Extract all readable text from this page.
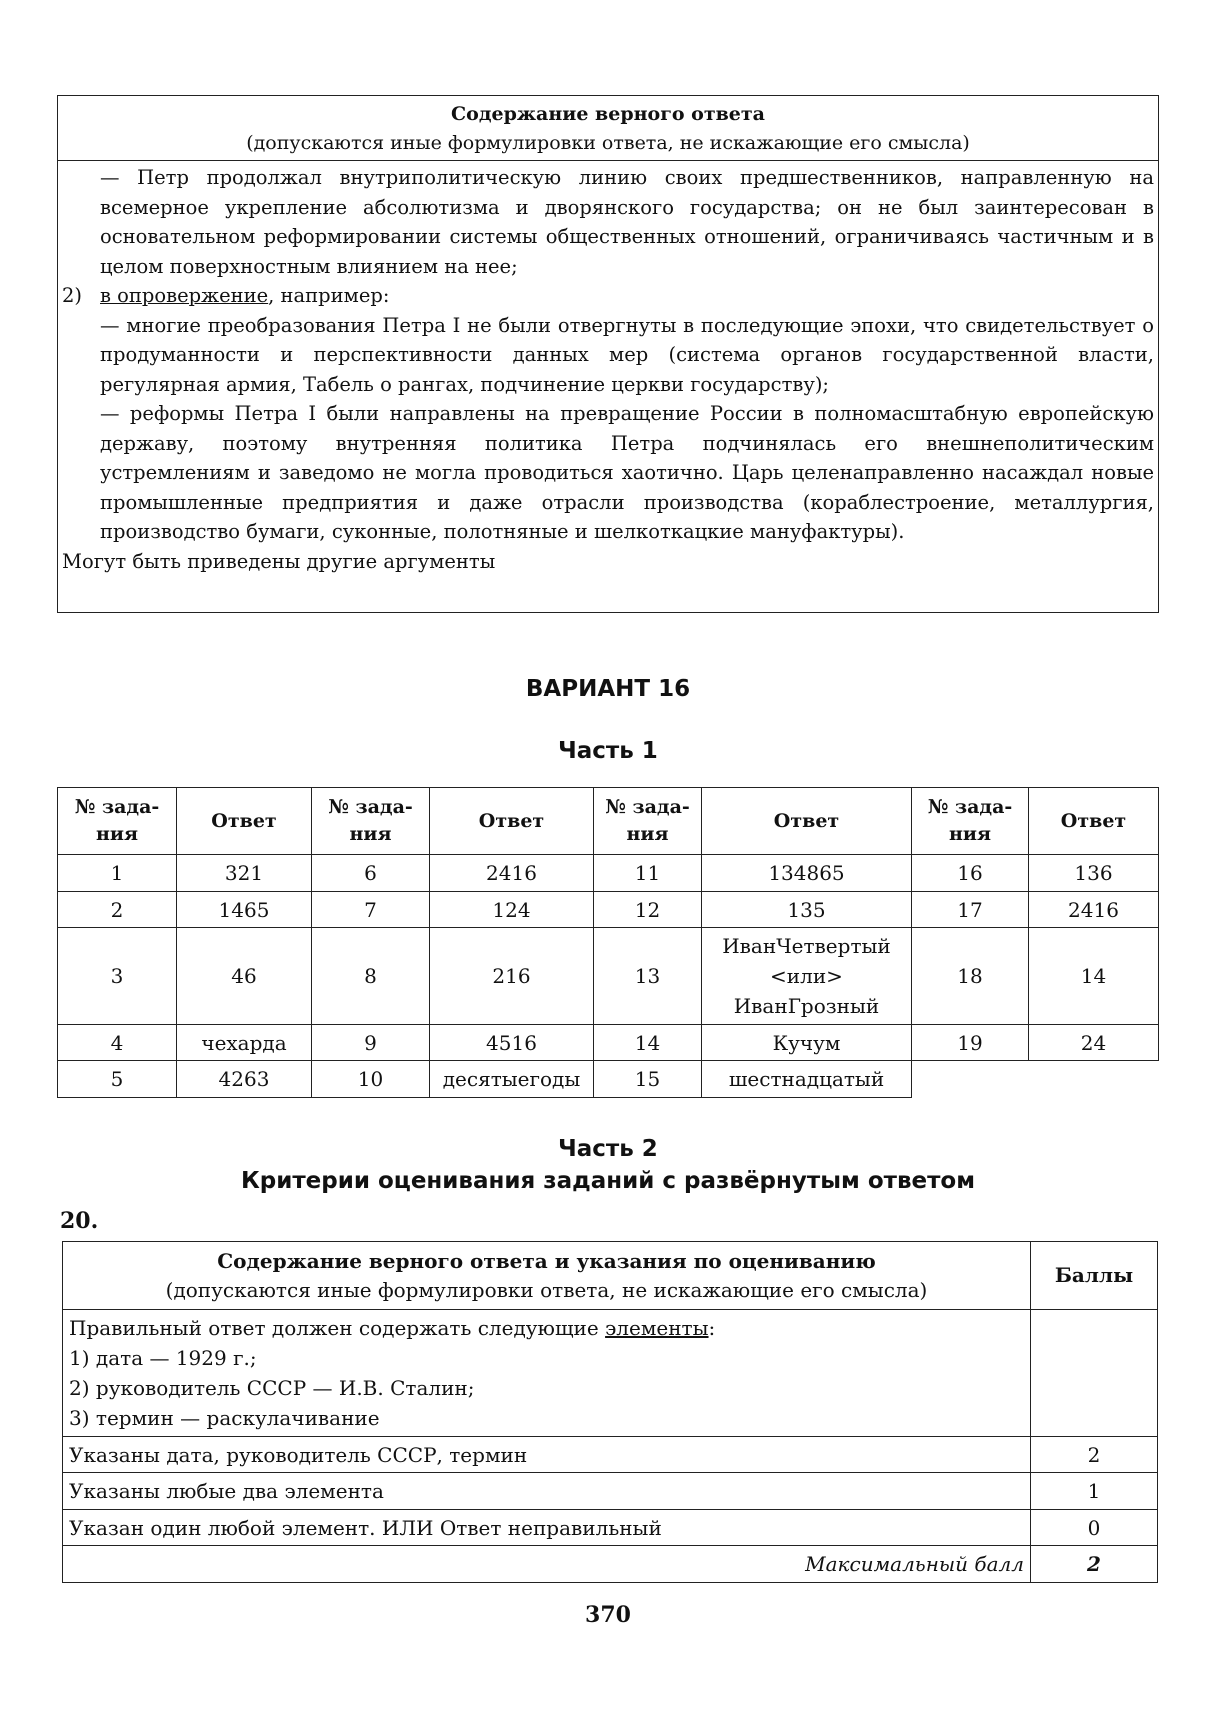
Содержание верного ответа
(допускаются иные формулировки ответа, не искажающие его смысла)
— Петр продолжал внутриполитическую линию своих предшественников, направленную на всемерное укрепление абсолютизма и дворянского государства; он не был заинтересован в основательном реформировании системы общественных отношений, ограничиваясь частичным и в целом поверхностным влиянием на нее;
2) в опровержение, например:
— многие преобразования Петра I не были отвергнуты в последующие эпохи, что свидетельствует о продуманности и перспективности данных мер (система органов государственной власти, регулярная армия, Табель о рангах, подчинение церкви государству);
— реформы Петра I были направлены на превращение России в полномасштабную европейскую державу, поэтому внутренняя политика Петра подчинялась его внешнеполитическим устремлениям и заведомо не могла проводиться хаотично. Царь целенаправленно насаждал новые промышленные предприятия и даже отрасли производства (кораблестроение, металлургия, производство бумаги, суконные, полотняные и шелкоткацкие мануфактуры).
Могут быть приведены другие аргументы
ВАРИАНТ 16
Часть 1
№ зада-
ния	Ответ	№ зада-
ния	Ответ	№ зада-
ния	Ответ	№ зада-
ния	Ответ
1	321	6	2416	11	134865	16	136
2	1465	7	124	12	135	17	2416
3	46	8	216	13	ИванЧетвертый
<или>
ИванГрозный	18	14
4	чехарда	9	4516	14	Кучум	19	24
5	4263	10	десятыегоды	15	шестнадцатый		
Часть 2
Критерии оценивания заданий с развёрнутым ответом
20.
Содержание верного ответа и указания по оцениванию
(допускаются иные формулировки ответа, не искажающие его смысла)	Баллы

Правильный ответ должен содержать следующие элементы:
1) дата — 1929 г.;
2) руководитель СССР — И.В. Сталин;
3) термин — раскулачивание	

Указаны дата, руководитель СССР, термин	2
Указаны любые два элемента	1
Указан один любой элемент. ИЛИ Ответ неправильный	0
Максимальный балл	2
370
